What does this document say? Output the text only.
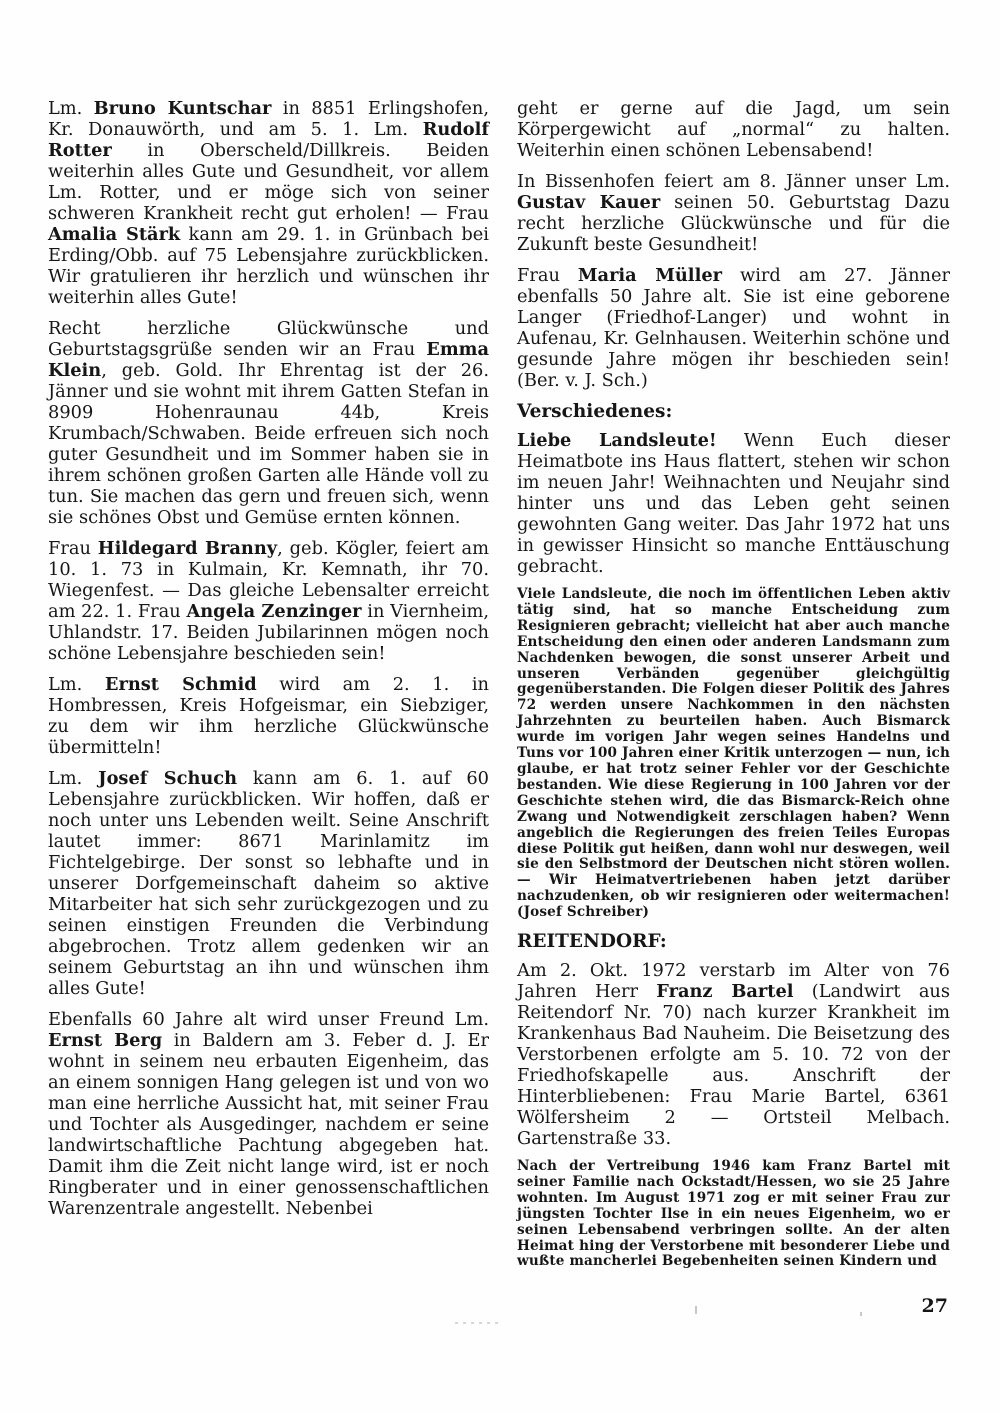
Lm. Bruno Kuntschar in 8851 Erlingshofen, Kr. Donauwörth, und am 5. 1. Lm. Rudolf Rotter in Oberscheld/Dillkreis. Beiden weiterhin alles Gute und Gesundheit, vor allem Lm. Rotter, und er möge sich von seiner schweren Krankheit recht gut erholen! — Frau Amalia Stärk kann am 29. 1. in Grünbach bei Erding/Obb. auf 75 Lebensjahre zurückblicken. Wir gratulieren ihr herzlich und wünschen ihr weiterhin alles Gute!

Recht herzliche Glückwünsche und Geburtstagsgrüße senden wir an Frau Emma Klein, geb. Gold. Ihr Ehrentag ist der 26. Jänner und sie wohnt mit ihrem Gatten Stefan in 8909 Hohenraunau 44b, Kreis Krumbach/Schwaben. Beide erfreuen sich noch guter Gesundheit und im Sommer haben sie in ihrem schönen großen Garten alle Hände voll zu tun. Sie machen das gern und freuen sich, wenn sie schönes Obst und Gemüse ernten können.

Frau Hildegard Branny, geb. Kögler, feiert am 10. 1. 73 in Kulmain, Kr. Kemnath, ihr 70. Wiegenfest. — Das gleiche Lebensalter erreicht am 22. 1. Frau Angela Zenzinger in Viernheim, Uhlandstr. 17. Beiden Jubilarinnen mögen noch schöne Lebensjahre beschieden sein!

Lm. Ernst Schmid wird am 2. 1. in Hombressen, Kreis Hofgeismar, ein Siebziger, zu dem wir ihm herzliche Glückwünsche übermitteln!

Lm. Josef Schuch kann am 6. 1. auf 60 Lebensjahre zurückblicken. Wir hoffen, daß er noch unter uns Lebenden weilt. Seine Anschrift lautet immer: 8671 Marinlamitz im Fichtelgebirge. Der sonst so lebhafte und in unserer Dorfgemeinschaft daheim so aktive Mitarbeiter hat sich sehr zurückgezogen und zu seinen einstigen Freunden die Verbindung abgebrochen. Trotz allem gedenken wir an seinem Geburtstag an ihn und wünschen ihm alles Gute!

Ebenfalls 60 Jahre alt wird unser Freund Lm. Ernst Berg in Baldern am 3. Feber d. J. Er wohnt in seinem neu erbauten Eigenheim, das an einem sonnigen Hang gelegen ist und von wo man eine herrliche Aussicht hat, mit seiner Frau und Tochter als Ausgedinger, nachdem er seine landwirtschaftliche Pachtung abgegeben hat. Damit ihm die Zeit nicht lange wird, ist er noch Ringberater und in einer genossenschaftlichen Warenzentrale angestellt. Nebenbei

geht er gerne auf die Jagd, um sein Körpergewicht auf „normal“ zu halten. Weiterhin einen schönen Lebensabend!

In Bissenhofen feiert am 8. Jänner unser Lm. Gustav Kauer seinen 50. Geburtstag Dazu recht herzliche Glückwünsche und für die Zukunft beste Gesundheit!

Frau Maria Müller wird am 27. Jänner ebenfalls 50 Jahre alt. Sie ist eine geborene Langer (Friedhof-Langer) und wohnt in Aufenau, Kr. Gelnhausen. Weiterhin schöne und gesunde Jahre mögen ihr beschieden sein! (Ber. v. J. Sch.)

Verschiedenes:

Liebe Landsleute! Wenn Euch dieser Heimatbote ins Haus flattert, stehen wir schon im neuen Jahr! Weihnachten und Neujahr sind hinter uns und das Leben geht seinen gewohnten Gang weiter. Das Jahr 1972 hat uns in gewisser Hinsicht so manche Enttäuschung gebracht.

Viele Landsleute, die noch im öffentlichen Leben aktiv tätig sind, hat so manche Entscheidung zum Resignieren gebracht; vielleicht hat aber auch manche Entscheidung den einen oder anderen Landsmann zum Nachdenken bewogen, die sonst unserer Arbeit und unseren Verbänden gegenüber gleichgültig gegenüberstanden. Die Folgen dieser Politik des Jahres 72 werden unsere Nachkommen in den nächsten Jahrzehnten zu beurteilen haben. Auch Bismarck wurde im vorigen Jahr wegen seines Handelns und Tuns vor 100 Jahren einer Kritik unterzogen — nun, ich glaube, er hat trotz seiner Fehler vor der Geschichte bestanden. Wie diese Regierung in 100 Jahren vor der Geschichte stehen wird, die das Bismarck-Reich ohne Zwang und Notwendigkeit zerschlagen haben? Wenn angeblich die Regierungen des freien Teiles Europas diese Politik gut heißen, dann wohl nur deswegen, weil sie den Selbstmord der Deutschen nicht stören wollen. — Wir Heimatvertriebenen haben jetzt darüber nachzudenken, ob wir resignieren oder weitermachen! (Josef Schreiber)

REITENDORF:

Am 2. Okt. 1972 verstarb im Alter von 76 Jahren Herr Franz Bartel (Landwirt aus Reitendorf Nr. 70) nach kurzer Krankheit im Krankenhaus Bad Nauheim. Die Beisetzung des Verstorbenen erfolgte am 5. 10. 72 von der Friedhofskapelle aus. Anschrift der Hinterbliebenen: Frau Marie Bartel, 6361 Wölfersheim 2 — Ortsteil Melbach. Gartenstraße 33.

Nach der Vertreibung 1946 kam Franz Bartel mit seiner Familie nach Ockstadt/Hessen, wo sie 25 Jahre wohnten. Im August 1971 zog er mit seiner Frau zur jüngsten Tochter Ilse in ein neues Eigenheim, wo er seinen Lebensabend verbringen sollte. An der alten Heimat hing der Verstorbene mit besonderer Liebe und wußte mancherlei Begebenheiten seinen Kindern und

27
